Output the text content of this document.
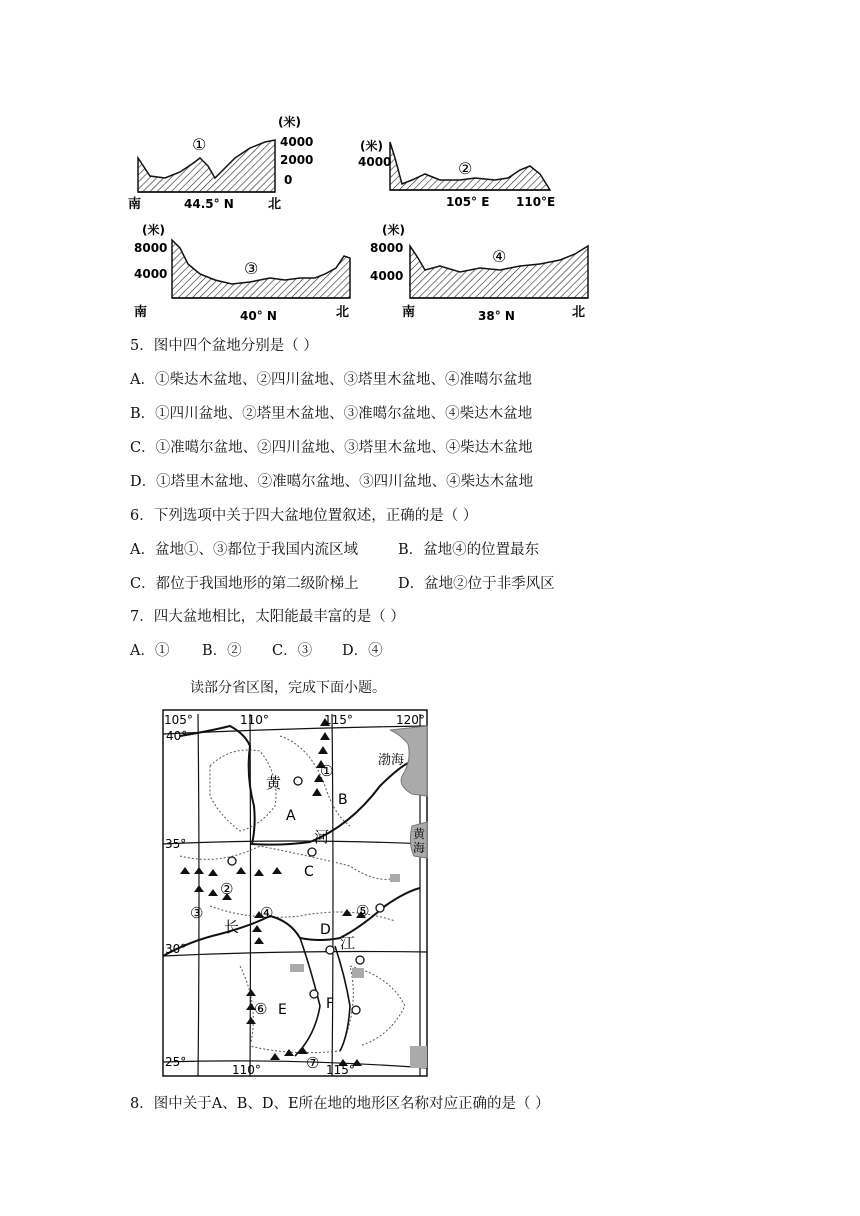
①
(米)
4000
2000
0
南	44.5° N	北
②
(米)
4000
105° E 110°E
③
(米)
8000
4000
南	40° N	北
④
(米)
8000
4000
南	38° N	北
5．图中四个盆地分别是（ ）
A．①柴达木盆地、②四川盆地、③塔里木盆地、④准噶尔盆地
B．①四川盆地、②塔里木盆地、③准噶尔盆地、④柴达木盆地
C．①准噶尔盆地、②四川盆地、③塔里木盆地、④柴达木盆地
D．①塔里木盆地、②准噶尔盆地、③四川盆地、④柴达木盆地
6．下列选项中关于四大盆地位置叙述，正确的是（ ）
A．盆地①、③都位于我国内流区域	B．盆地④的位置最东
C．都位于我国地形的第二级阶梯上	D．盆地②位于非季风区
7．四大盆地相比，太阳能最丰富的是（ ）
A．① B．② C．③ D．④
读部分省区图，完成下面小题。
105°	110°	115°	120°
110°	115°
40°
35°
30°
25°
渤海
黄
海
黄
河
长
江
A
B
C
D
E	F
①
②
③	④	⑤
⑥
⑦
8．图中关于A、B、D、E所在地的地形区名称对应正确的是（ ）
